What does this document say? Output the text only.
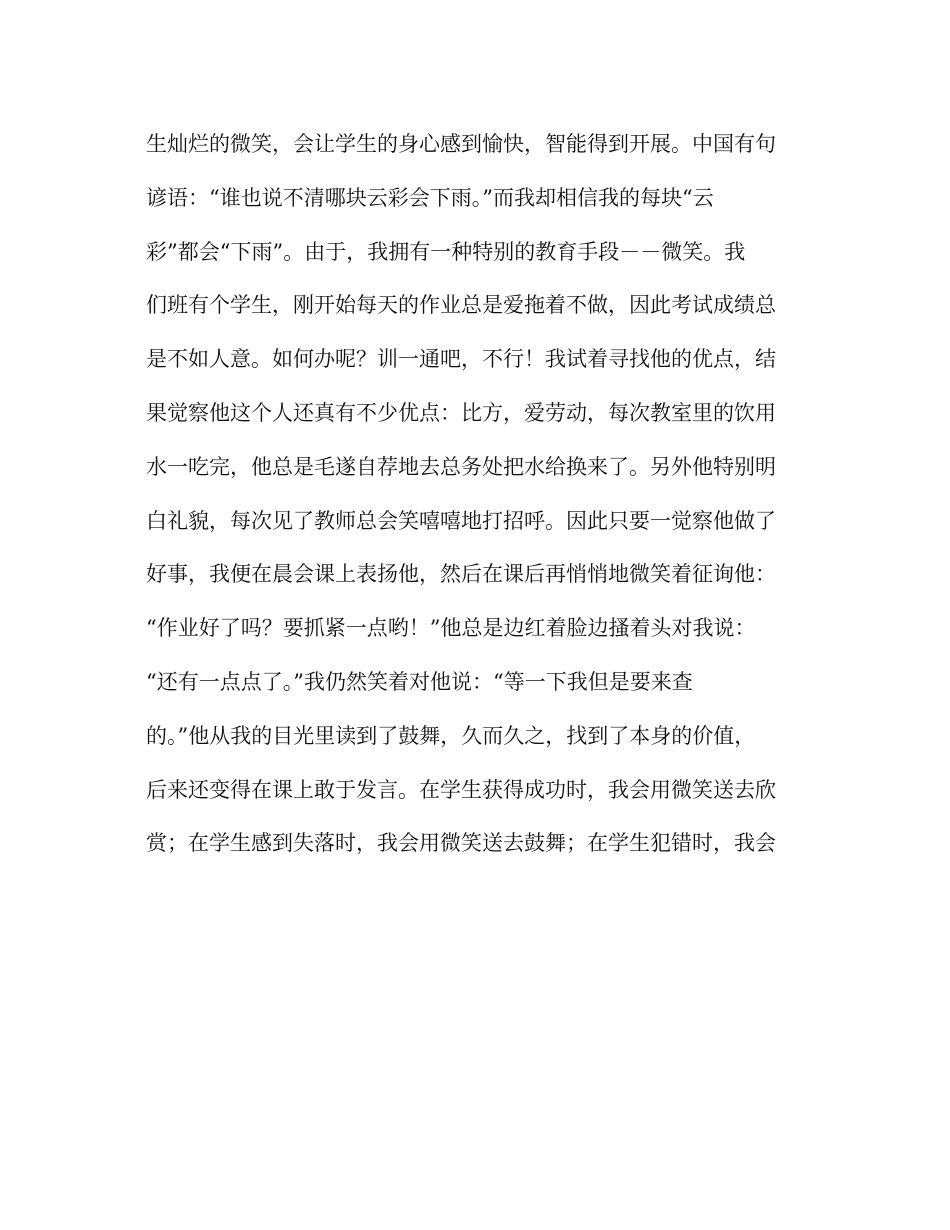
生灿烂的微笑，会让学生的身心感到愉快，智能得到开展。中国有句
谚语：“谁也说不清哪块云彩会下雨。”而我却相信我的每块“云
彩”都会“下雨”。由于，我拥有一种特别的教育手段－－微笑。我
们班有个学生，刚开始每天的作业总是爱拖着不做，因此考试成绩总
是不如人意。如何办呢？训一通吧，不行！我试着寻找他的优点，结
果觉察他这个人还真有不少优点：比方，爱劳动，每次教室里的饮用
水一吃完，他总是毛遂自荐地去总务处把水给换来了。另外他特别明
白礼貌，每次见了教师总会笑嘻嘻地打招呼。因此只要一觉察他做了
好事，我便在晨会课上表扬他，然后在课后再悄悄地微笑着征询他：
“作业好了吗？要抓紧一点哟！”他总是边红着脸边搔着头对我说：
“还有一点点了。”我仍然笑着对他说：“等一下我但是要来查
的。”他从我的目光里读到了鼓舞，久而久之，找到了本身的价值，
后来还变得在课上敢于发言。在学生获得成功时，我会用微笑送去欣
赏；在学生感到失落时，我会用微笑送去鼓舞；在学生犯错时，我会
